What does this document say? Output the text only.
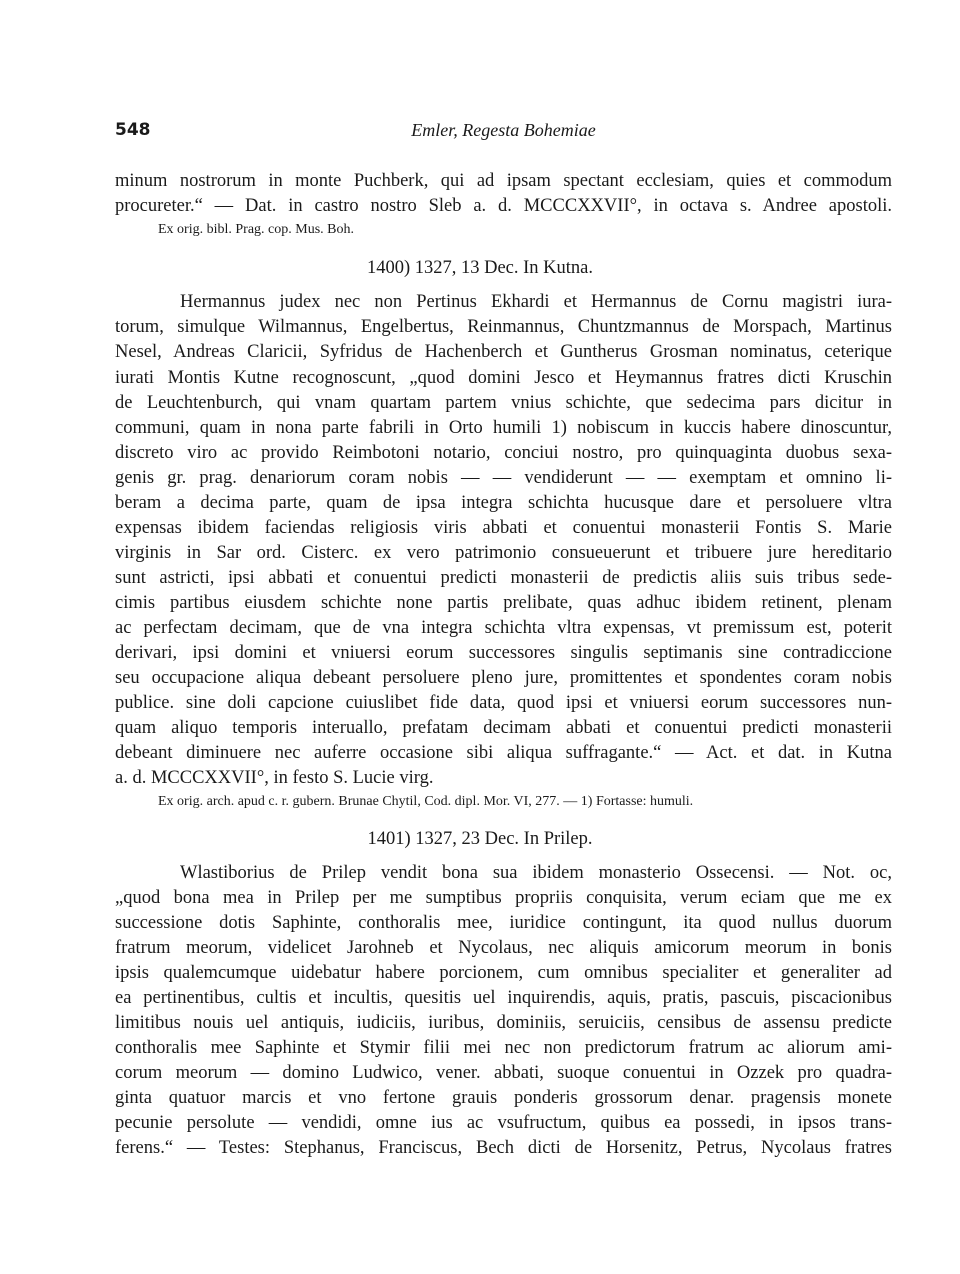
548	Emler, Regesta Bohemiae
minum nostrorum in monte Puchberk, qui ad ipsam spectant ecclesiam, quies et commodum
procureter.“ — Dat. in castro nostro Sleb a. d. MCCCXXVII°, in octava s. Andree apostoli.
Ex orig. bibl. Prag. cop. Mus. Boh.
1400) 1327, 13 Dec. In Kutna.
Hermannus judex nec non Pertinus Ekhardi et Hermannus de Cornu magistri iura-
torum, simulque Wilmannus, Engelbertus, Reinmannus, Chuntzmannus de Morspach, Martinus
Nesel, Andreas Claricii, Syfridus de Hachenberch et Guntherus Grosman nominatus, ceterique
iurati Montis Kutne recognoscunt, „quod domini Jesco et Heymannus fratres dicti Kruschin
de Leuchtenburch, qui vnam quartam partem vnius schichte, que sedecima pars dicitur in
communi, quam in nona parte fabrili in Orto humili 1) nobiscum in kuccis habere dinoscuntur,
discreto viro ac provido Reimbotoni notario, conciui nostro, pro quinquaginta duobus sexa-
genis gr. prag. denariorum coram nobis — — vendiderunt — — exemptam et omnino li-
beram a decima parte, quam de ipsa integra schichta hucusque dare et persoluere vltra
expensas ibidem faciendas religiosis viris abbati et conuentui monasterii Fontis S. Marie
virginis in Sar ord. Cisterc. ex vero patrimonio consueuerunt et tribuere jure hereditario
sunt astricti, ipsi abbati et conuentui predicti monasterii de predictis aliis suis tribus sede-
cimis partibus eiusdem schichte none partis prelibate, quas adhuc ibidem retinent, plenam
ac perfectam decimam, que de vna integra schichta vltra expensas, vt premissum est, poterit
derivari, ipsi domini et vniuersi eorum successores singulis septimanis sine contradiccione
seu occupacione aliqua debeant persoluere pleno jure, promittentes et spondentes coram nobis
publice. sine doli capcione cuiuslibet fide data, quod ipsi et vniuersi eorum successores nun-
quam aliquo temporis interuallo, prefatam decimam abbati et conuentui predicti monasterii
debeant diminuere nec auferre occasione sibi aliqua suffragante.“ — Act. et dat. in Kutna
a. d. MCCCXXVII°, in festo S. Lucie virg.
Ex orig. arch. apud c. r. gubern. Brunae Chytil, Cod. dipl. Mor. VI, 277. — 1) Fortasse: humuli.
1401) 1327, 23 Dec. In Prilep.
Wlastiborius de Prilep vendit bona sua ibidem monasterio Ossecensi. — Not. oc,
„quod bona mea in Prilep per me sumptibus propriis conquisita, verum eciam que me ex
successione dotis Saphinte, conthoralis mee, iuridice contingunt, ita quod nullus duorum
fratrum meorum, videlicet Jarohneb et Nycolaus, nec aliquis amicorum meorum in bonis
ipsis qualemcumque uidebatur habere porcionem, cum omnibus specialiter et generaliter ad
ea pertinentibus, cultis et incultis, quesitis uel inquirendis, aquis, pratis, pascuis, piscacionibus
limitibus nouis uel antiquis, iudiciis, iuribus, dominiis, seruiciis, censibus de assensu predicte
conthoralis mee Saphinte et Stymir filii mei nec non predictorum fratrum ac aliorum ami-
corum meorum — domino Ludwico, vener. abbati, suoque conuentui in Ozzek pro quadra-
ginta quatuor marcis et vno fertone grauis ponderis grossorum denar. pragensis monete
pecunie persolute — vendidi, omne ius ac vsufructum, quibus ea possedi, in ipsos trans-
ferens.“ — Testes: Stephanus, Franciscus, Bech dicti de Horsenitz, Petrus, Nycolaus fratres
